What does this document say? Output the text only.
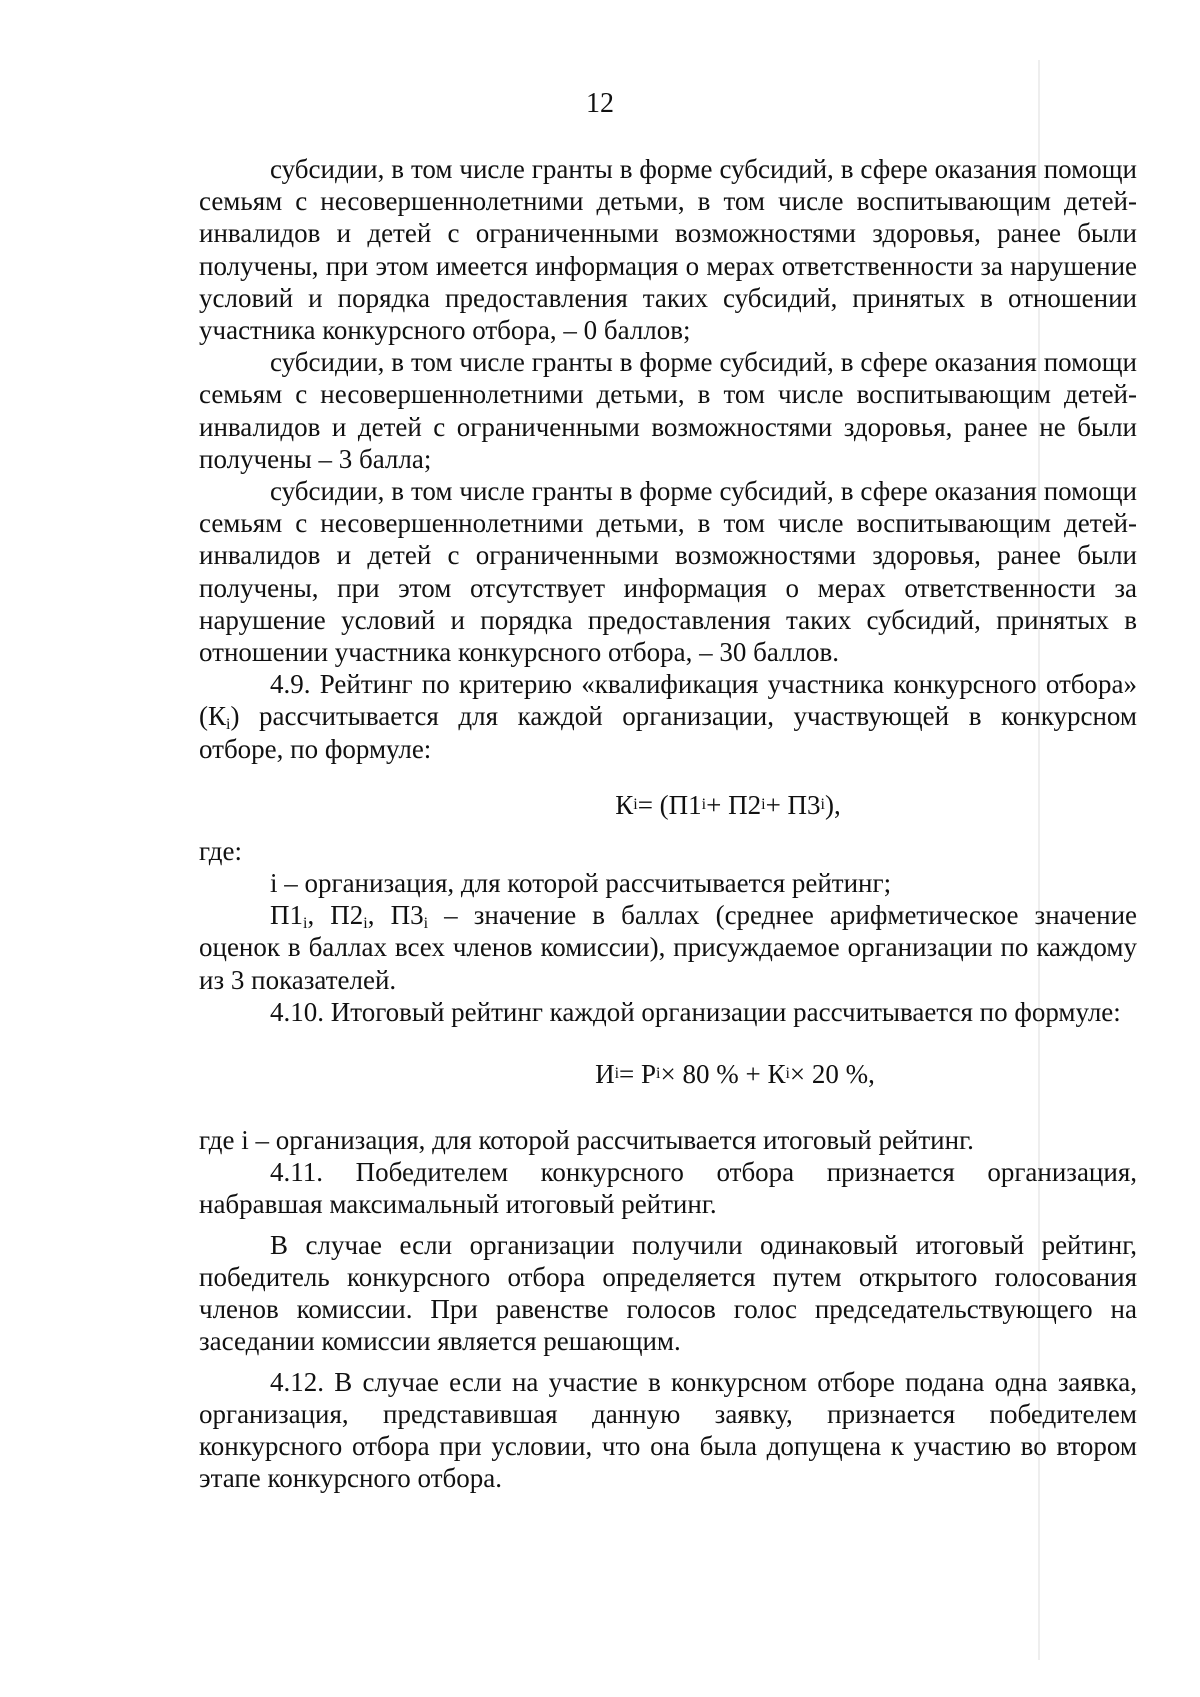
12

субсидии, в том числе гранты в форме субсидий, в сфере оказания помощи семьям с несовершеннолетними детьми, в том числе воспитывающим детей-инвалидов и детей с ограниченными возможностями здоровья, ранее были получены, при этом имеется информация о мерах ответственности за нарушение условий и порядка предоставления таких субсидий, принятых в отношении участника конкурсного отбора, – 0 баллов;

субсидии, в том числе гранты в форме субсидий, в сфере оказания помощи семьям с несовершеннолетними детьми, в том числе воспитывающим детей-инвалидов и детей с ограниченными возможностями здоровья, ранее не были получены – 3 балла;

субсидии, в том числе гранты в форме субсидий, в сфере оказания помощи семьям с несовершеннолетними детьми, в том числе воспитывающим детей-инвалидов и детей с ограниченными возможностями здоровья, ранее были получены, при этом отсутствует информация о мерах ответственности за нарушение условий и порядка предоставления таких субсидий, принятых в отношении участника конкурсного отбора, – 30 баллов.

4.9. Рейтинг по критерию «квалификация участника конкурсного отбора» $(К_i)$ рассчитывается для каждой организации, участвующей в конкурсном отборе, по формуле:

К i = (П1 i + П2 i + П3 i ),

где:

i – организация, для которой рассчитывается рейтинг;

$П1_i$, $П2_i$, $П3_i$ – значение в баллах (среднее арифметическое значение оценок в баллах всех членов комиссии), присуждаемое организации по каждому из 3 показателей.

4.10. Итоговый рейтинг каждой организации рассчитывается по формуле:

И i = Р i × 80 % + К i × 20 %,

где i – организация, для которой рассчитывается итоговый рейтинг.

4.11. Победителем конкурсного отбора признается организация, набравшая максимальный итоговый рейтинг.

В случае если организации получили одинаковый итоговый рейтинг, победитель конкурсного отбора определяется путем открытого голосования членов комиссии. При равенстве голосов голос председательствующего на заседании комиссии является решающим.

4.12. В случае если на участие в конкурсном отборе подана одна заявка, организация, представившая данную заявку, признается победителем конкурсного отбора при условии, что она была допущена к участию во втором этапе конкурсного отбора.
